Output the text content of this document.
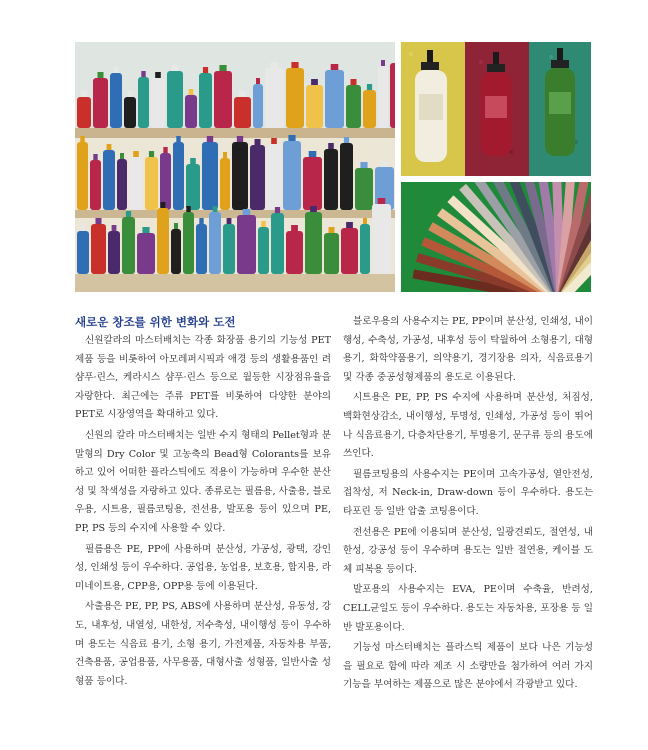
새로운 창조를 위한 변화와 도전

신원칼라의 마스터배치는 각종 화장품 용기의 기능성 PET 제품 등을 비롯하여 아모레퍼시픽과 애경 등의 생활용품인 려 샴푸·린스, 케라시스 샴푸·린스 등으로 월등한 시장점유율을 자랑한다. 최근에는 주류 PET를 비롯하여 다양한 분야의 PET로 시장영역을 확대하고 있다.

신원의 칼라 마스터배치는 일반 수지 형태의 Pellet형과 분말형의 Dry Color 및 고농축의 Bead형 Colorants를 보유하고 있어 어떠한 플라스틱에도 적용이 가능하며 우수한 분산성 및 착색성을 자랑하고 있다. 종류로는 필름용, 사출용, 블로우용, 시트용, 필름코팅용, 전선용, 발포용 등이 있으며 PE, PP, PS 등의 수지에 사용할 수 있다.

필름용은 PE, PP에 사용하며 분산성, 가공성, 광택, 강인성, 인쇄성 등이 우수하다. 공업용, 농업용, 보호용, 합지용, 라미네이트용, CPP용, OPP용 등에 이용된다.

사출용은 PE, PP, PS, ABS에 사용하며 분산성, 유동성, 강도, 내후성, 내열성, 내한성, 저수축성, 내이행성 등이 우수하며 용도는 식음료 용기, 소형 용기, 가전제품, 자동차용 부품, 건축용품, 공업용품, 사무용품, 대형사출 성형품, 일반사출 성형품 등이다.

블로우용의 사용수지는 PE, PP이며 분산성, 인쇄성, 내이행성, 수축성, 가공성, 내후성 등이 탁월하여 소형용기, 대형용기, 화학약품용기, 의약용기, 경기장용 의자, 식음료용기 및 각종 중공성형제품의 용도로 이용된다.

시트용은 PE, PP, PS 수지에 사용하며 분산성, 처짐성, 백화현상감소, 내이행성, 투명성, 인쇄성, 가공성 등이 뛰어나 식음료용기, 다층차단용기, 투명용기, 문구류 등의 용도에 쓰인다.

필름코팅용의 사용수지는 PE이며 고속가공성, 열안전성, 접착성, 저 Neck-in, Draw-down 등이 우수하다. 용도는 타포린 등 일반 압출 코팅용이다.

전선용은 PE에 이용되며 분산성, 일광견뢰도, 절연성, 내한성, 강공성 등이 우수하며 용도는 일반 절연용, 케이블 도체 피복용 등이다.

발포용의 사용수지는 EVA, PE이며 수축율, 반려성, CELL균일도 등이 우수하다. 용도는 자동차용, 포장용 등 일반 발포용이다.

기능성 마스터배치는 플라스틱 제품이 보다 나은 기능성을 필요로 함에 따라 제조 시 소량만을 첨가하여 여러 가지 기능을 부여하는 제품으로 많은 분야에서 각광받고 있다.
